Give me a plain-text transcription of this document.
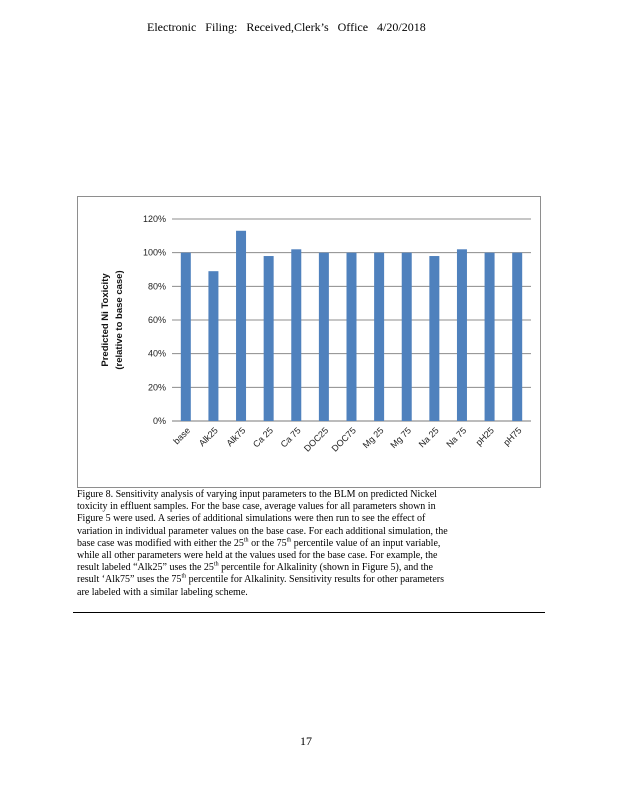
Electronic Filing: Received,Clerk’s Office 4/20/2018
0%
20%
40%
60%
80%
100%
120%
base Alk25 Alk75 Ca 25 Ca 75 DOC25 DOC75 Mg 25 Mg 75 Na 25 Na 75 pH25 pH75
Predicted Ni Toxicity (relative to base case)

Figure 8. Sensitivity analysis of varying input parameters to the BLM on predicted Nickel

toxicity in effluent samples. For the base case, average values for all parameters shown in

Figure 5 were used. A series of additional simulations were then run to see the effect of

variation in individual parameter values on the base case. For each additional simulation, the

base case was modified with either the 25th or the 75th percentile value of an input variable,

while all other parameters were held at the values used for the base case. For example, the

result labeled “Alk25” uses the 25th percentile for Alkalinity (shown in Figure 5), and the

result ‘Alk75” uses the 75th percentile for Alkalinity. Sensitivity results for other parameters

are labeled with a similar labeling scheme.

17
